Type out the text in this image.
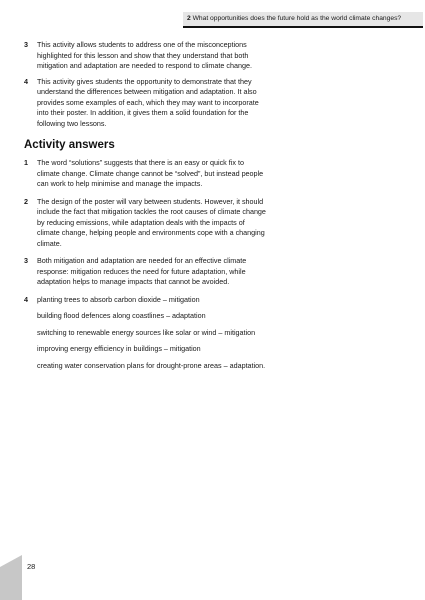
2 What opportunities does the future hold as the world climate changes?
3 This activity allows students to address one of the misconceptions
highlighted for this lesson and show that they understand that both
mitigation and adaptation are needed to respond to climate change.
4 This activity gives students the opportunity to demonstrate that they
understand the differences between mitigation and adaptation. It also
provides some examples of each, which they may want to incorporate
into their poster. In addition, it gives them a solid foundation for the
following two lessons.
Activity answers
1 The word “solutions” suggests that there is an easy or quick fix to
climate change. Climate change cannot be “solved”, but instead people
can work to help minimise and manage the impacts.
2 The design of the poster will vary between students. However, it should
include the fact that mitigation tackles the root causes of climate change
by reducing emissions, while adaptation deals with the impacts of
climate change, helping people and environments cope with a changing
climate.
3 Both mitigation and adaptation are needed for an effective climate
response: mitigation reduces the need for future adaptation, while
adaptation helps to manage impacts that cannot be avoided.
4 planting trees to absorb carbon dioxide – mitigation
building flood defences along coastlines – adaptation
switching to renewable energy sources like solar or wind – mitigation
improving energy efficiency in buildings – mitigation
creating water conservation plans for drought-prone areas – adaptation.
28
